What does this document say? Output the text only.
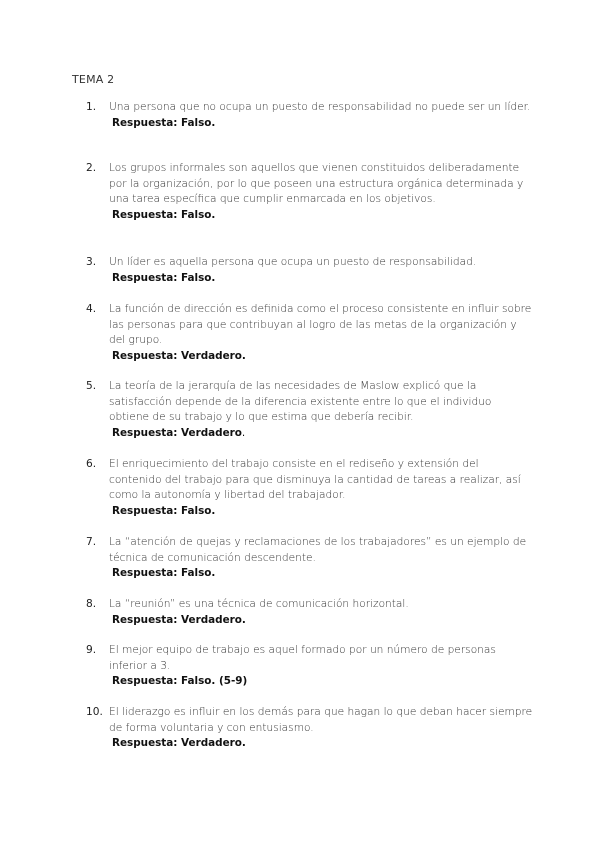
TEMA 2
1.	Una persona que no ocupa un puesto de responsabilidad no puede ser un líder.
Respuesta: Falso.
2.	Los grupos informales son aquellos que vienen constituidos deliberadamente por la organización, por lo que poseen una estructura orgánica determinada y una tarea específica que cumplir enmarcada en los objetivos.
Respuesta: Falso.
3.	Un líder es aquella persona que ocupa un puesto de responsabilidad.
Respuesta: Falso.
4.	La función de dirección es definida como el proceso consistente en influir sobre las personas para que contribuyan al logro de las metas de la organización y del grupo.
Respuesta: Verdadero.
5.	La teoría de la jerarquía de las necesidades de Maslow explicó que la satisfacción depende de la diferencia existente entre lo que el individuo obtiene de su trabajo y lo que estima que debería recibir.
Respuesta: Verdadero.
6.	El enriquecimiento del trabajo consiste en el rediseño y extensión del contenido del trabajo para que disminuya la cantidad de tareas a realizar, así como la autonomía y libertad del trabajador.
Respuesta: Falso.
7.	La “atención de quejas y reclamaciones de los trabajadores” es un ejemplo de técnica de comunicación descendente.
Respuesta: Falso.
8.	La “reunión” es una técnica de comunicación horizontal.
Respuesta: Verdadero.
9.	El mejor equipo de trabajo es aquel formado por un número de personas inferior a 3.
Respuesta: Falso. (5-9)
10. El liderazgo es influir en los demás para que hagan lo que deban hacer siempre de forma voluntaria y con entusiasmo.
Respuesta: Verdadero.
